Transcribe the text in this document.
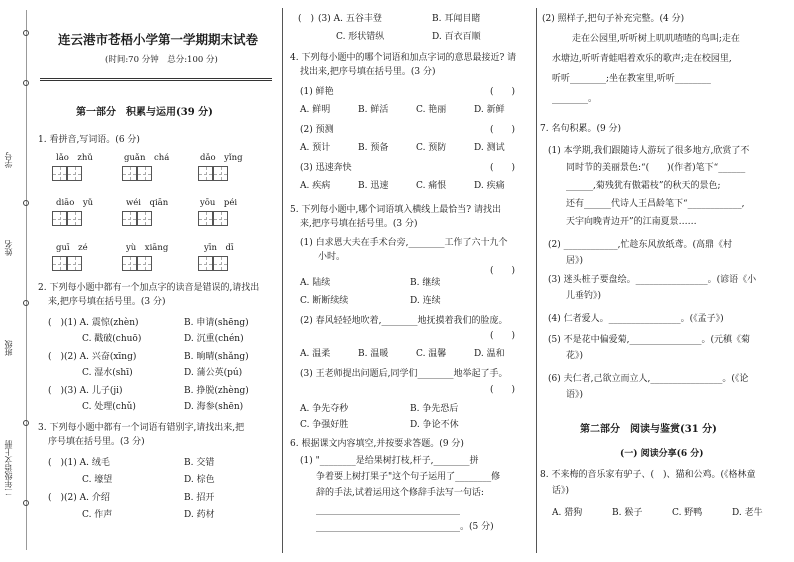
学号
姓名
班级
二年级语文上册
连云港市苍梧小学第一学期期末试卷
(时间:70 分钟　总分:100 分)
第一部分　积累与运用(39 分)
1. 看拼音,写词语。(6 分)
lǎo　zhǔ	guǎn　chá	dǎo　yǐng
diāo　yǔ	wéi　qiān	yōu　péi
guī　zé	yù　xiāng	yīn　dī
2. 下列每小题中都有一个加点字的读音是错误的,请找出
来,把序号填在括号里。(3 分)
(　) (1) A. 震惊(zhèn)	B. 申请(shēng)
C. 戳破(chuō)	D. 沉重(chén)
(　) (2) A. 兴奋(xīng)	B. 晌晴(shǎng)
C. 湿水(shī)	D. 蒲公英(pú)
(　) (3) A. 儿子(ji)	B. 挣脱(zhèng)
C. 处理(chǔ)	D. 海参(shēn)
3. 下列每小题中都有一个词语有错别字,请找出来,把
序号填在括号里。(3 分)
(　) (1) A. 绒毛	B. 交错
C. 壕望	D. 棕色
(　) (2) A. 介绍	B. 招开
C. 作声	D. 药材
(　) (3) A. 五谷丰登	B. 耳闻目睹
C. 形状错纵	D. 百衣百顺
4. 下列每小题中的哪个词语和加点字词的意思最接近? 请
找出来,把序号填在括号里。(3 分)
(1) 鲜艳	(　　)
A. 鲜明	B. 鲜活	C. 艳丽	D. 新鲜
(2) 预测	(　　)
A. 预计	B. 预备	C. 预防	D. 测试
(3) 迅速奔快	(　　)
A. 疾病	B. 迅速	C. 痛恨	D. 疾痛
5. 下列每小题中,哪个词语填入横线上最恰当? 请找出
来,把序号填在括号里。(3 分)
(1) 白求恩大夫在手术台旁,________工作了六十九个
小时。
(　　)
A. 陆续	B. 继续
C. 断断续续	D. 连续
(2) 春风轻轻地吹着,________地抚摸着我们的脸庞。
(　　)
A. 温柔	B. 温暖	C. 温馨	D. 温和
(3) 王老师提出问题后,同学们________地举起了手。
(　　)
A. 争先夺秒	B. 争先恐后
C. 争强好胜	D. 争论不休
6. 根据课文内容填空,并按要求答题。(9 分)
(1) "________是给果树打枝,杆子,________拼
争着要上树打果子"这个句子运用了________修
辞的手法,试着运用这个修辞手法写一句话:
________________________________
________________________________。(5 分)
(2) 照样子,把句子补充完整。(4 分)
走在公园里,听听树上叽叽喳喳的鸟叫;走在
水塘边,听听青蛙唱着欢乐的歌声;走在校园里,
听听________;坐在教室里,听听________
________。
7. 名句积累。(9 分)
(1) 本学期,我们跟随诗人游玩了很多地方,欣赏了不
同时节的美丽景色:“(　　)(作者)笔下“______
______,菊残犹有傲霜枝”的秋天的景色;
还有______代诗人王昌龄笔下“____________,
天宇向晚青边开”的江南夏景……
(2) ____________,忙趁东风放纸鸢。(高鼎《村
居》)
(3) 迷头桩子要盘绘。________________。(谚语《小
儿垂钓》)
(4) 仁者爱人。________________。(《孟子》)
(5) 不是花中偏爱菊,________________。(元稹《菊
花》)
(6) 夫仁者,己欲立而立人,________________。(《论
语》)
第二部分　阅读与鉴赏(31 分)
(一) 阅读分享(6 分)
8. 不来梅的音乐家有驴子、(　)、猫和公鸡。(《格林童
话》)
A. 猎狗	B. 猴子	C. 野鸭	D. 老牛
